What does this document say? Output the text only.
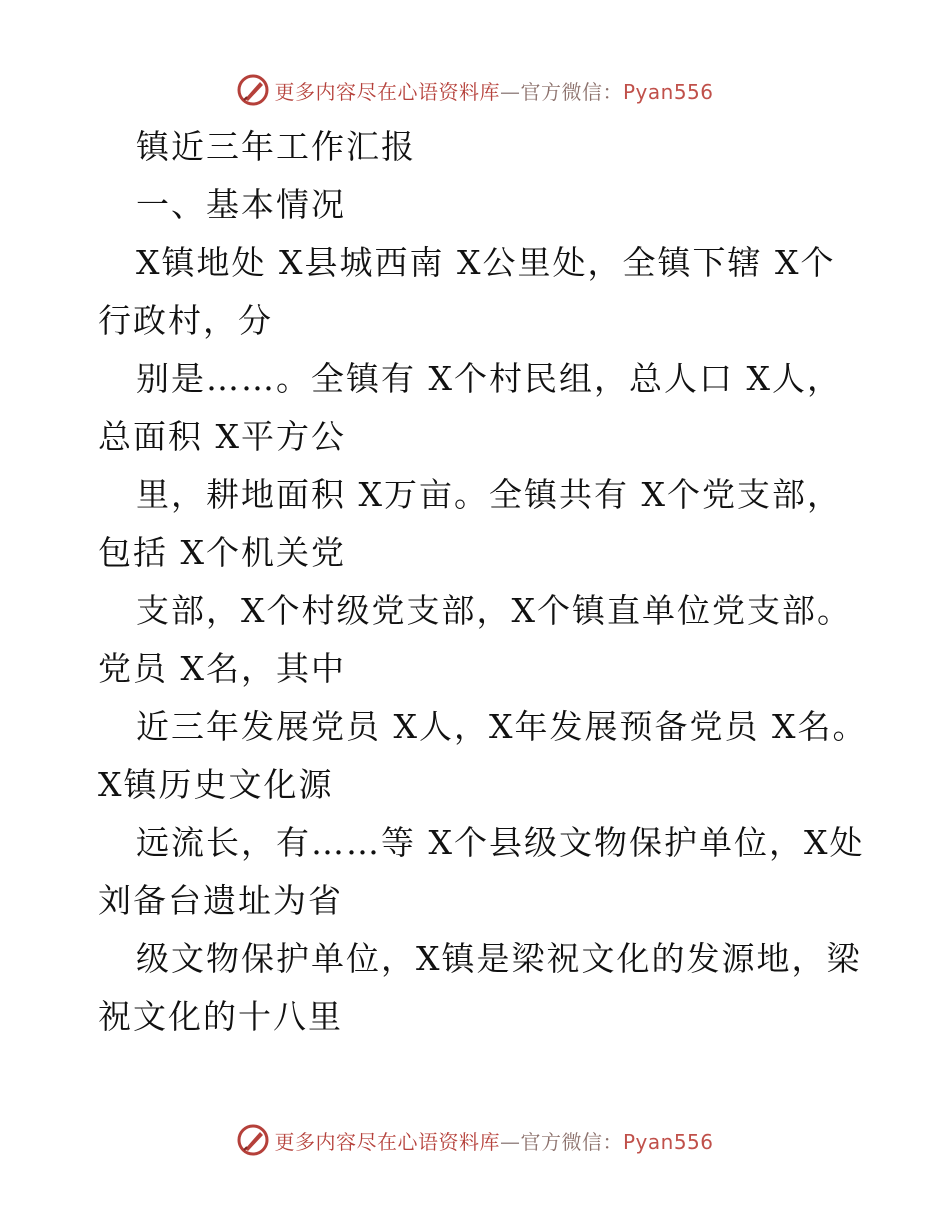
更多内容尽在心语资料库—官方微信：Pyan556
镇近三年工作汇报
一、基本情况
X镇地处 X县城西南 X公里处，全镇下辖 X个
行政村，分
别是……。全镇有 X个村民组，总人口 X人，
总面积 X平方公
里，耕地面积 X万亩。全镇共有 X个党支部，
包括 X个机关党
支部，X个村级党支部，X个镇直单位党支部。
党员 X名，其中
近三年发展党员 X人，X年发展预备党员 X名。
X镇历史文化源
远流长，有……等 X个县级文物保护单位，X处
刘备台遗址为省
级文物保护单位，X镇是梁祝文化的发源地，梁
祝文化的十八里
更多内容尽在心语资料库—官方微信：Pyan556
